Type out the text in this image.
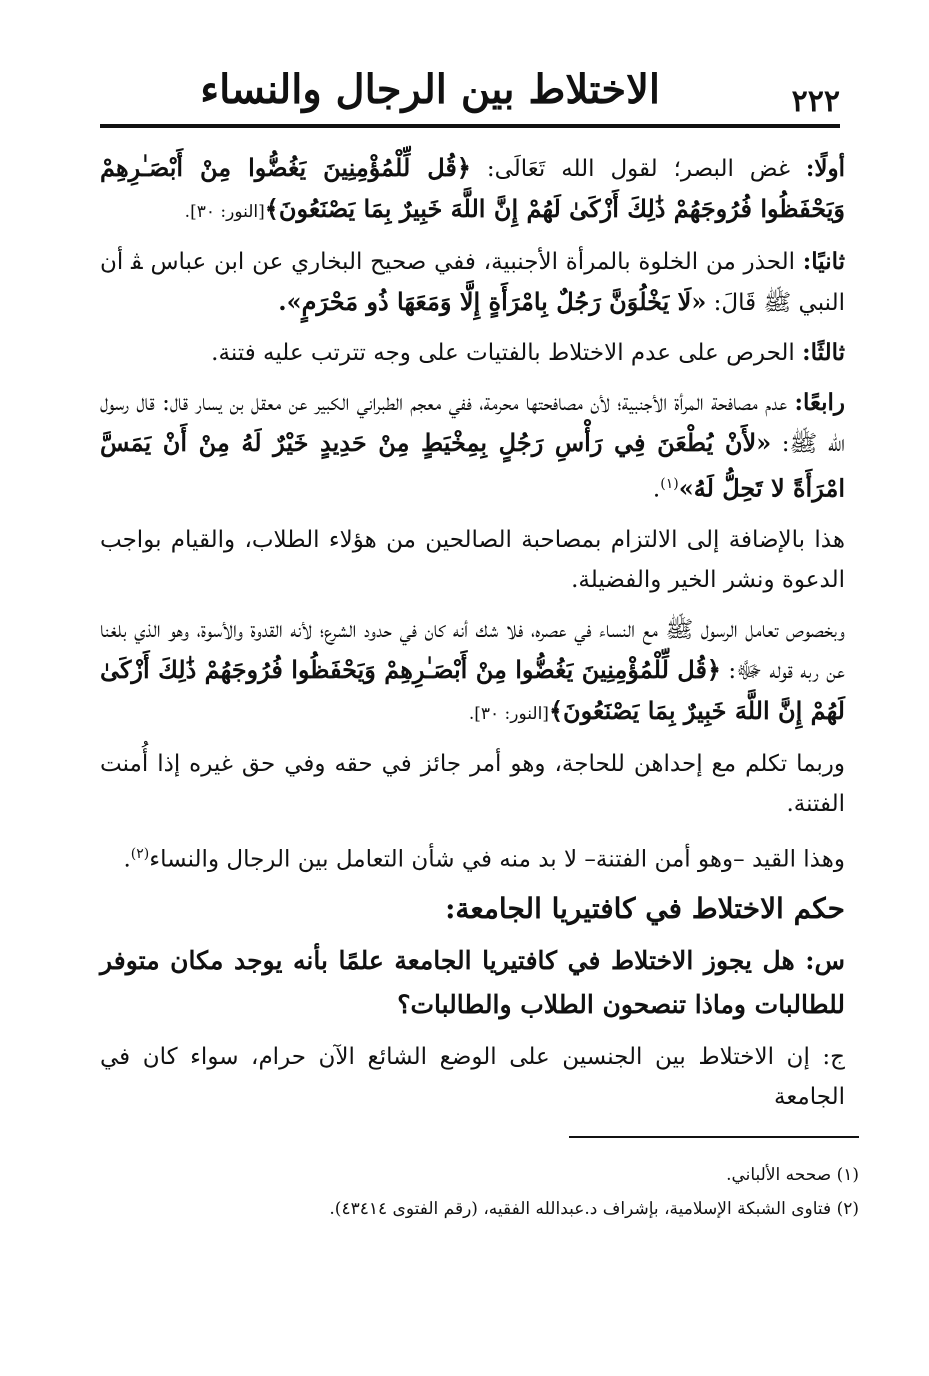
٢٢٢
الاختلاط بين الرجال والنساء

أولًا: غض البصر؛ لقول الله تَعَالَى: ﴿قُل لِّلْمُؤْمِنِينَ يَغُضُّوا مِنْ أَبْصَـٰرِهِمْ وَيَحْفَظُوا فُرُوجَهُمْ ذَٰلِكَ أَزْكَىٰ لَهُمْ إِنَّ اللَّهَ خَبِيرٌ بِمَا يَصْنَعُونَ﴾[النور: ٣٠].

ثانيًا: الحذر من الخلوة بالمرأة الأجنبية، ففي صحيح البخاري عن ابن عباس ﭭ أن النبي ﷺ قَالَ: «لَا يَخْلُوَنَّ رَجُلٌ بِامْرَأَةٍ إِلَّا وَمَعَهَا ذُو مَحْرَمٍ».

ثالثًا: الحرص على عدم الاختلاط بالفتيات على وجه تترتب عليه فتنة.

رابعًا: عدم مصافحة المرأة الأجنبية؛ لأن مصافحتها محرمة، ففي معجم الطبراني الكبير عن معقل بن يسار قال: قال رسول الله ﷺ: «لأَنْ يُطْعَنَ فِي رَأْسِ رَجُلٍ بِمِخْيَطٍ مِنْ حَدِيدٍ خَيْرٌ لَهُ مِنْ أَنْ يَمَسَّ امْرَأَةً لا تَحِلُّ لَهُ»$^{(١)}$.

هذا بالإضافة إلى الالتزام بمصاحبة الصالحين من هؤلاء الطلاب، والقيام بواجب الدعوة ونشر الخير والفضيلة.

وبخصوص تعامل الرسول ﷺ مع النساء في عصره، فلا شك أنه كان في حدود الشرع؛ لأنه القدوة والأسوة، وهو الذي بلغنا عن ربه قوله ﷻ: ﴿قُل لِّلْمُؤْمِنِينَ يَغُضُّوا مِنْ أَبْصَـٰرِهِمْ وَيَحْفَظُوا فُرُوجَهُمْ ذَٰلِكَ أَزْكَىٰ لَهُمْ إِنَّ اللَّهَ خَبِيرٌ بِمَا يَصْنَعُونَ﴾[النور: ٣٠].

وربما تكلم مع إحداهن للحاجة، وهو أمر جائز في حقه وفي حق غيره إذا أُمنت الفتنة.

وهذا القيد –وهو أمن الفتنة– لا بد منه في شأن التعامل بين الرجال والنساء$^{(٢)}$.

حكم الاختلاط في كافتيريا الجامعة:

س: هل يجوز الاختلاط في كافتيريا الجامعة علمًا بأنه يوجد مكان متوفر للطالبات وماذا تنصحون الطلاب والطالبات؟

ج: إن الاختلاط بين الجنسين على الوضع الشائع الآن حرام، سواء كان في الجامعة

(١) صححه الألباني.
(٢) فتاوى الشبكة الإسلامية، بإشراف د.عبدالله الفقيه، (رقم الفتوى ٤٣٤١٤).
